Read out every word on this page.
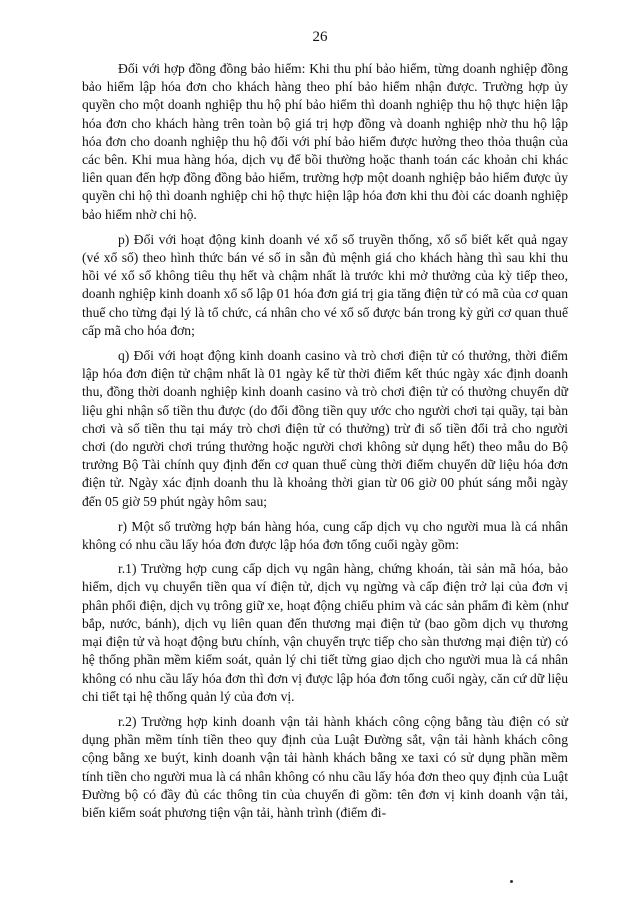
26

Đối với hợp đồng đồng bảo hiểm: Khi thu phí bảo hiểm, từng doanh nghiệp đồng bảo hiểm lập hóa đơn cho khách hàng theo phí bảo hiểm nhận được. Trường hợp ủy quyền cho một doanh nghiệp thu hộ phí bảo hiểm thì doanh nghiệp thu hộ thực hiện lập hóa đơn cho khách hàng trên toàn bộ giá trị hợp đồng và doanh nghiệp nhờ thu hộ lập hóa đơn cho doanh nghiệp thu hộ đối với phí bảo hiểm được hưởng theo thỏa thuận của các bên. Khi mua hàng hóa, dịch vụ để bồi thường hoặc thanh toán các khoản chi khác liên quan đến hợp đồng đồng bảo hiểm, trường hợp một doanh nghiệp bảo hiểm được ủy quyền chi hộ thì doanh nghiệp chi hộ thực hiện lập hóa đơn khi thu đòi các doanh nghiệp bảo hiểm nhờ chi hộ.

p) Đối với hoạt động kinh doanh vé xổ số truyền thống, xổ số biết kết quả ngay (vé xổ số) theo hình thức bán vé số in sẵn đủ mệnh giá cho khách hàng thì sau khi thu hồi vé xổ số không tiêu thụ hết và chậm nhất là trước khi mở thưởng của kỳ tiếp theo, doanh nghiệp kinh doanh xổ số lập 01 hóa đơn giá trị gia tăng điện tử có mã của cơ quan thuế cho từng đại lý là tổ chức, cá nhân cho vé xổ số được bán trong kỳ gửi cơ quan thuế cấp mã cho hóa đơn;

q) Đối với hoạt động kinh doanh casino và trò chơi điện tử có thưởng, thời điểm lập hóa đơn điện tử chậm nhất là 01 ngày kể từ thời điểm kết thúc ngày xác định doanh thu, đồng thời doanh nghiệp kinh doanh casino và trò chơi điện tử có thưởng chuyển dữ liệu ghi nhận số tiền thu được (do đổi đồng tiền quy ước cho người chơi tại quầy, tại bàn chơi và số tiền thu tại máy trò chơi điện tử có thưởng) trừ đi số tiền đổi trả cho người chơi (do người chơi trúng thưởng hoặc người chơi không sử dụng hết) theo mẫu do Bộ trưởng Bộ Tài chính quy định đến cơ quan thuế cùng thời điểm chuyển dữ liệu hóa đơn điện tử. Ngày xác định doanh thu là khoảng thời gian từ 06 giờ 00 phút sáng mỗi ngày đến 05 giờ 59 phút ngày hôm sau;

r) Một số trường hợp bán hàng hóa, cung cấp dịch vụ cho người mua là cá nhân không có nhu cầu lấy hóa đơn được lập hóa đơn tổng cuối ngày gồm:

r.1) Trường hợp cung cấp dịch vụ ngân hàng, chứng khoán, tài sản mã hóa, bảo hiểm, dịch vụ chuyển tiền qua ví điện tử, dịch vụ ngừng và cấp điện trở lại của đơn vị phân phối điện, dịch vụ trông giữ xe, hoạt động chiếu phim và các sản phẩm đi kèm (như bắp, nước, bánh), dịch vụ liên quan đến thương mại điện tử (bao gồm dịch vụ thương mại điện tử và hoạt động bưu chính, vận chuyển trực tiếp cho sàn thương mại điện tử) có hệ thống phần mềm kiểm soát, quản lý chi tiết từng giao dịch cho người mua là cá nhân không có nhu cầu lấy hóa đơn thì đơn vị được lập hóa đơn tổng cuối ngày, căn cứ dữ liệu chi tiết tại hệ thống quản lý của đơn vị.

r.2) Trường hợp kinh doanh vận tải hành khách công cộng bằng tàu điện có sử dụng phần mềm tính tiền theo quy định của Luật Đường sắt, vận tải hành khách công cộng bằng xe buýt, kinh doanh vận tải hành khách bằng xe taxi có sử dụng phần mềm tính tiền cho người mua là cá nhân không có nhu cầu lấy hóa đơn theo quy định của Luật Đường bộ có đầy đủ các thông tin của chuyến đi gồm: tên đơn vị kinh doanh vận tải, biển kiểm soát phương tiện vận tải, hành trình (điểm đi-
